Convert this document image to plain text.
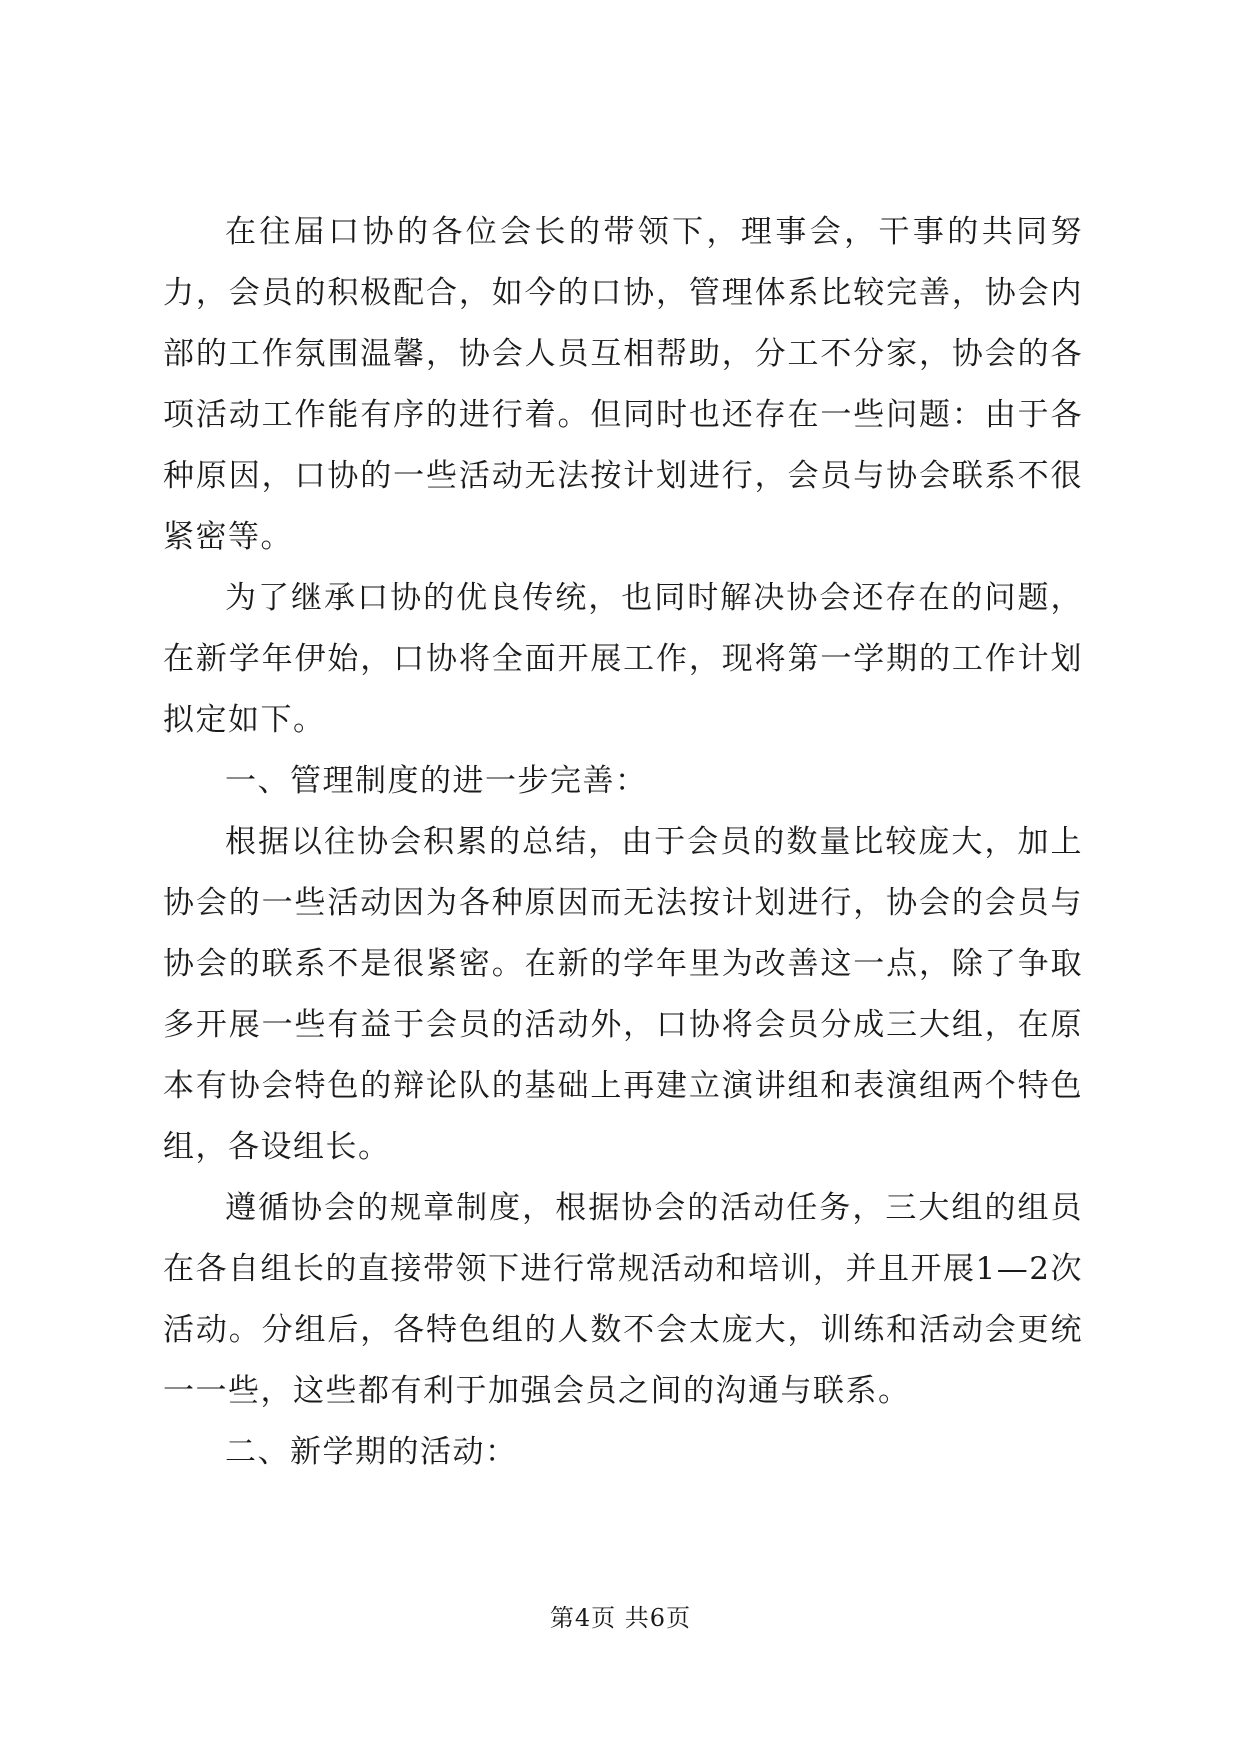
在往届口协的各位会长的带领下，理事会，干事的共同努力，会员的积极配合，如今的口协，管理体系比较完善，协会内部的工作氛围温馨，协会人员互相帮助，分工不分家，协会的各项活动工作能有序的进行着。但同时也还存在一些问题：由于各种原因，口协的一些活动无法按计划进行，会员与协会联系不很紧密等。

为了继承口协的优良传统，也同时解决协会还存在的问题，在新学年伊始，口协将全面开展工作，现将第一学期的工作计划拟定如下。

一、管理制度的进一步完善：

根据以往协会积累的总结，由于会员的数量比较庞大，加上协会的一些活动因为各种原因而无法按计划进行，协会的会员与协会的联系不是很紧密。在新的学年里为改善这一点，除了争取多开展一些有益于会员的活动外，口协将会员分成三大组，在原本有协会特色的辩论队的基础上再建立演讲组和表演组两个特色组，各设组长。

遵循协会的规章制度，根据协会的活动任务，三大组的组员在各自组长的直接带领下进行常规活动和培训，并且开展1—2次活动。分组后，各特色组的人数不会太庞大，训练和活动会更统一一些，这些都有利于加强会员之间的沟通与联系。

二、新学期的活动：

第4页 共6页
